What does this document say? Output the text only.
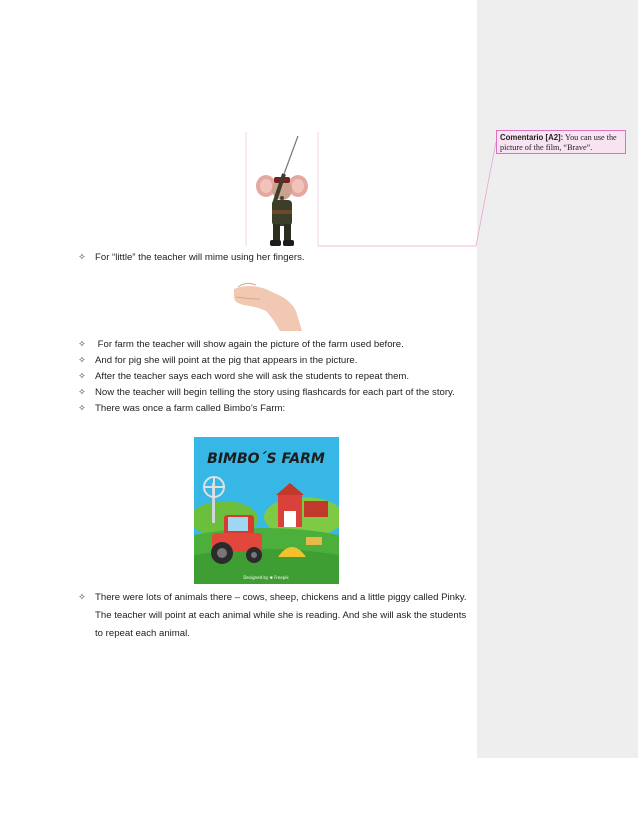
Comentario [A2]: You can use the picture of the film, “Brave”.
✧ For “little” the teacher will mime using her fingers.
✧ For farm the teacher will show again the picture of the farm used before.
✧ And for pig she will point at the pig that appears in the picture.
✧ After the teacher says each word she will ask the students to repeat them.
✧ Now the teacher will begin telling the story using flashcards for each part of the story.
✧ There was once a farm called Bimbo’s Farm:
BIMBO´S FARM
Designed by ✱ Freepik
✧ There were lots of animals there – cows, sheep, chickens and a little piggy called Pinky.
The teacher will point at each animal while she is reading. And she will ask the students
to repeat each animal.
